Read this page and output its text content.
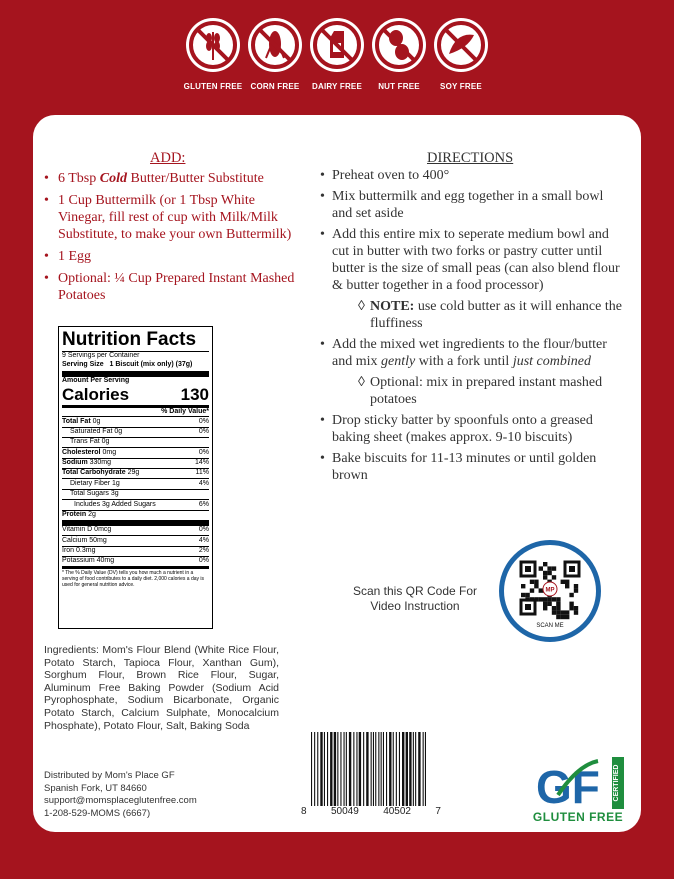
GLUTEN FREE	CORN FREE	DAIRY FREE	NUT FREE	SOY FREE
ADD:
• 6 Tbsp Cold Butter/Butter Substitute
• 1 Cup Buttermilk (or 1 Tbsp White Vinegar, fill rest of cup with Milk/Milk Substitute, to make your own Buttermilk)
• 1 Egg
• Optional: ¼ Cup Prepared Instant Mashed Potatoes
DIRECTIONS
• Preheat oven to 400°
• Mix buttermilk and egg together in a small bowl and set aside
• Add this entire mix to seperate medium bowl and cut in butter with two forks or pastry cutter until butter is the size of small peas (can also blend flour & butter together in a food processor)
◊ NOTE: use cold butter as it will enhance the fluffiness
• Add the mixed wet ingredients to the flour/butter and mix gently with a fork until just combined
◊ Optional: mix in prepared instant mashed potatoes
• Drop sticky batter by spoonfuls onto a greased baking sheet (makes approx. 9-10 biscuits)
• Bake biscuits for 11-13 minutes or until golden brown
Nutrition Facts
9 Servings per Container
Serving Size 1 Biscuit (mix only) (37g)
Amount Per Serving
Calories	130
% Daily Value*
Total Fat 0g	0%
Saturated Fat 0g	0%
Trans Fat 0g
Cholesterol 0mg	0%
Sodium 330mg	14%
Total Carbohydrate 29g	11%
Dietary Fiber 1g	4%
Total Sugars 3g
Includes 3g Added Sugars	6%
Protein 2g
Vitamin D 0mcg	0%
Calcium 50mg	4%
Iron 0.3mg	2%
Potassium 40mg	0%
* The % Daily Value (DV) tells you how much a nutrient in a serving of food contributes to a daily diet. 2,000 calories a day is used for general nutrition advice.
Ingredients: Mom's Flour Blend (White Rice Flour, Potato Starch, Tapioca Flour, Xanthan Gum), Sorghum Flour, Brown Rice Flour, Sugar, Aluminum Free Baking Powder (Sodium Acid Pyrophosphate, Sodium Bicarbonate, Organic Potato Starch, Calcium Sulphate, Monocalcium Phosphate), Potato Flour, Salt, Baking Soda
Distributed by Mom's Place GF
Spanish Fork, UT 84660
support@momsplaceglutenfree.com
1-208-529-MOMS (6667)
Scan this QR Code For Video Instruction
MP
SCAN ME
8 50049 40502 7 GF CERTIFIED
GLUTEN FREE
